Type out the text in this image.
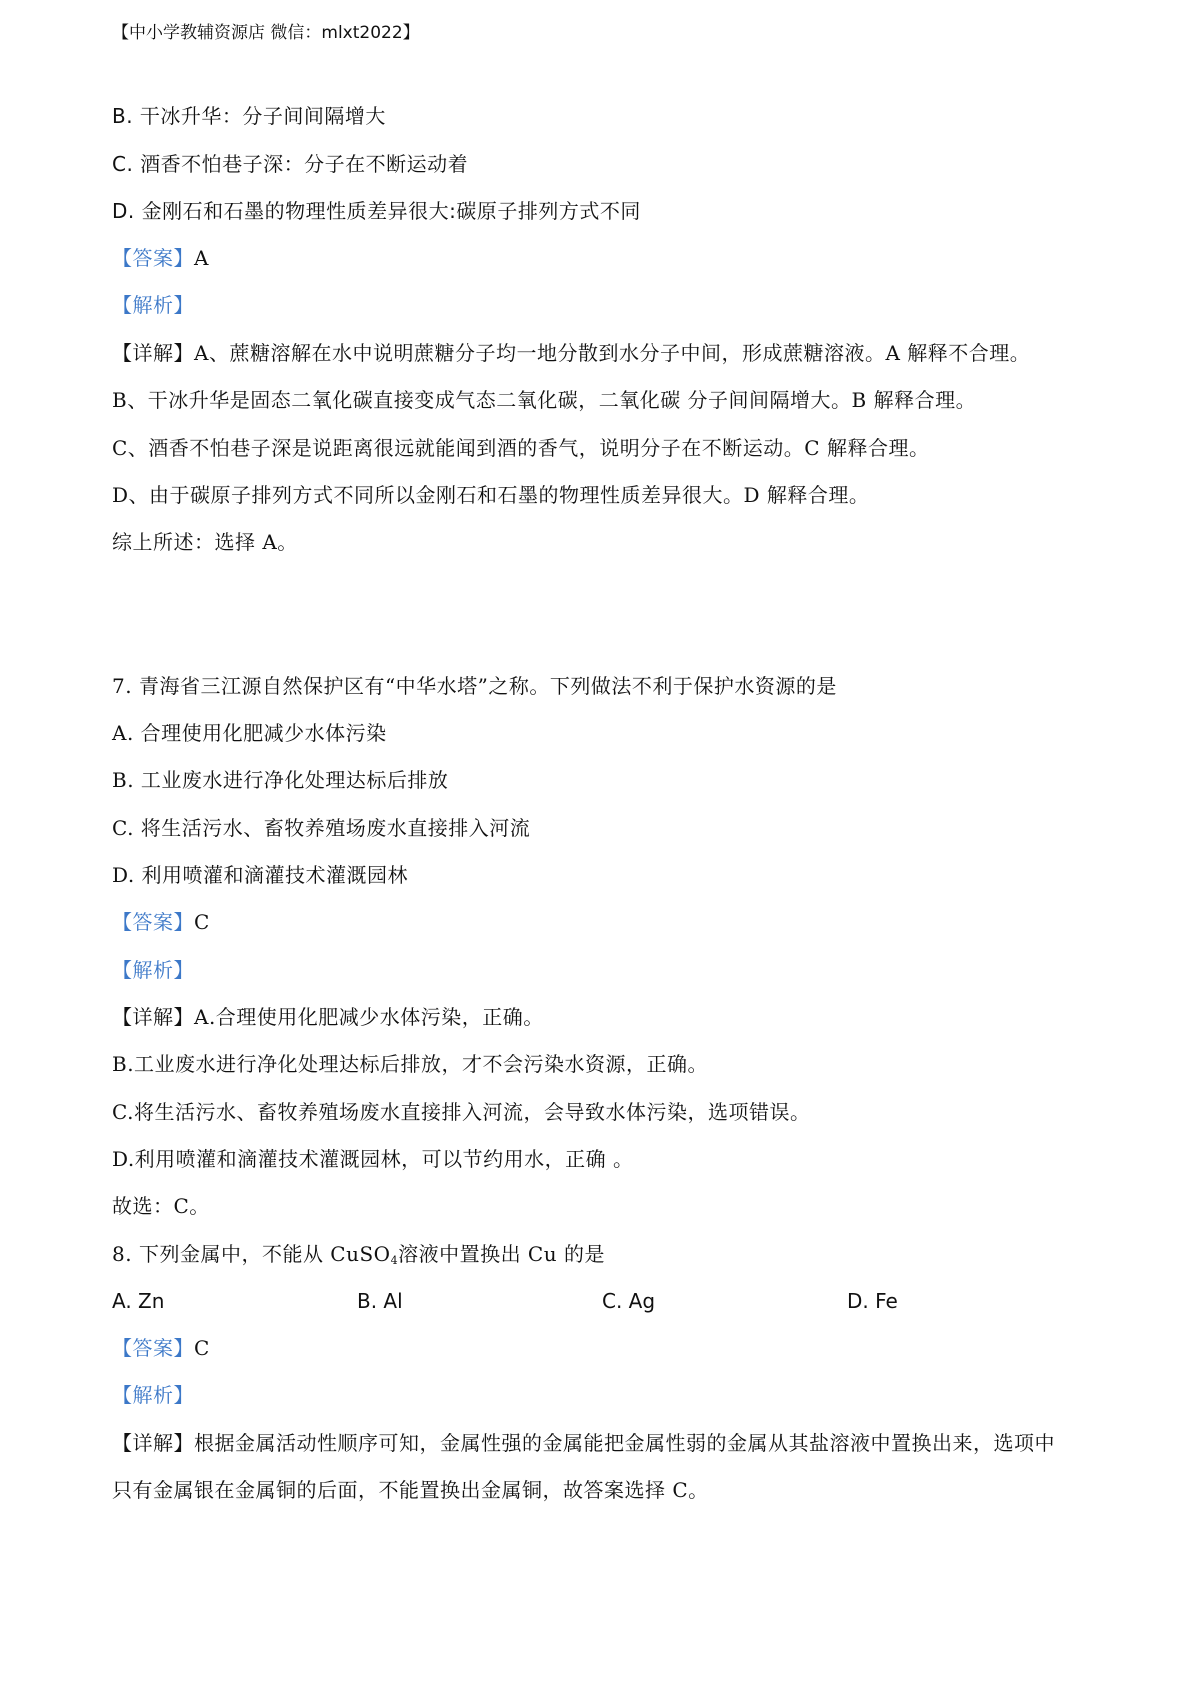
【中小学教辅资源店 微信：mlxt2022】
B. 干冰升华：分子间间隔增大
C. 酒香不怕巷子深：分子在不断运动着
D. 金刚石和石墨的物理性质差异很大:碳原子排列方式不同
【答案】A
【解析】
【详解】A、蔗糖溶解在水中说明蔗糖分子均一地分散到水分子中间，形成蔗糖溶液。A 解释不合理。
B、干冰升华是固态二氧化碳直接变成气态二氧化碳，二氧化碳 分子间间隔增大。B 解释合理。
C、酒香不怕巷子深是说距离很远就能闻到酒的香气，说明分子在不断运动。C 解释合理。
D、由于碳原子排列方式不同所以金刚石和石墨的物理性质差异很大。D 解释合理。
综上所述：选择 A。
7. 青海省三江源自然保护区有“中华水塔”之称。下列做法不利于保护水资源的是
A. 合理使用化肥减少水体污染
B. 工业废水进行净化处理达标后排放
C. 将生活污水、畜牧养殖场废水直接排入河流
D. 利用喷灌和滴灌技术灌溉园林
【答案】C
【解析】
【详解】A.合理使用化肥减少水体污染，正确。
B.工业废水进行净化处理达标后排放，才不会污染水资源，正确。
C.将生活污水、畜牧养殖场废水直接排入河流，会导致水体污染，选项错误。
D.利用喷灌和滴灌技术灌溉园林，可以节约用水，正确 。
故选：C。
8. 下列金属中，不能从 CuSO$_4$溶液中置换出 Cu 的是
A. Zn	B. Al	C. Ag	D. Fe
【答案】C
【解析】
【详解】根据金属活动性顺序可知，金属性强的金属能把金属性弱的金属从其盐溶液中置换出来，选项中
只有金属银在金属铜的后面，不能置换出金属铜，故答案选择 C。
